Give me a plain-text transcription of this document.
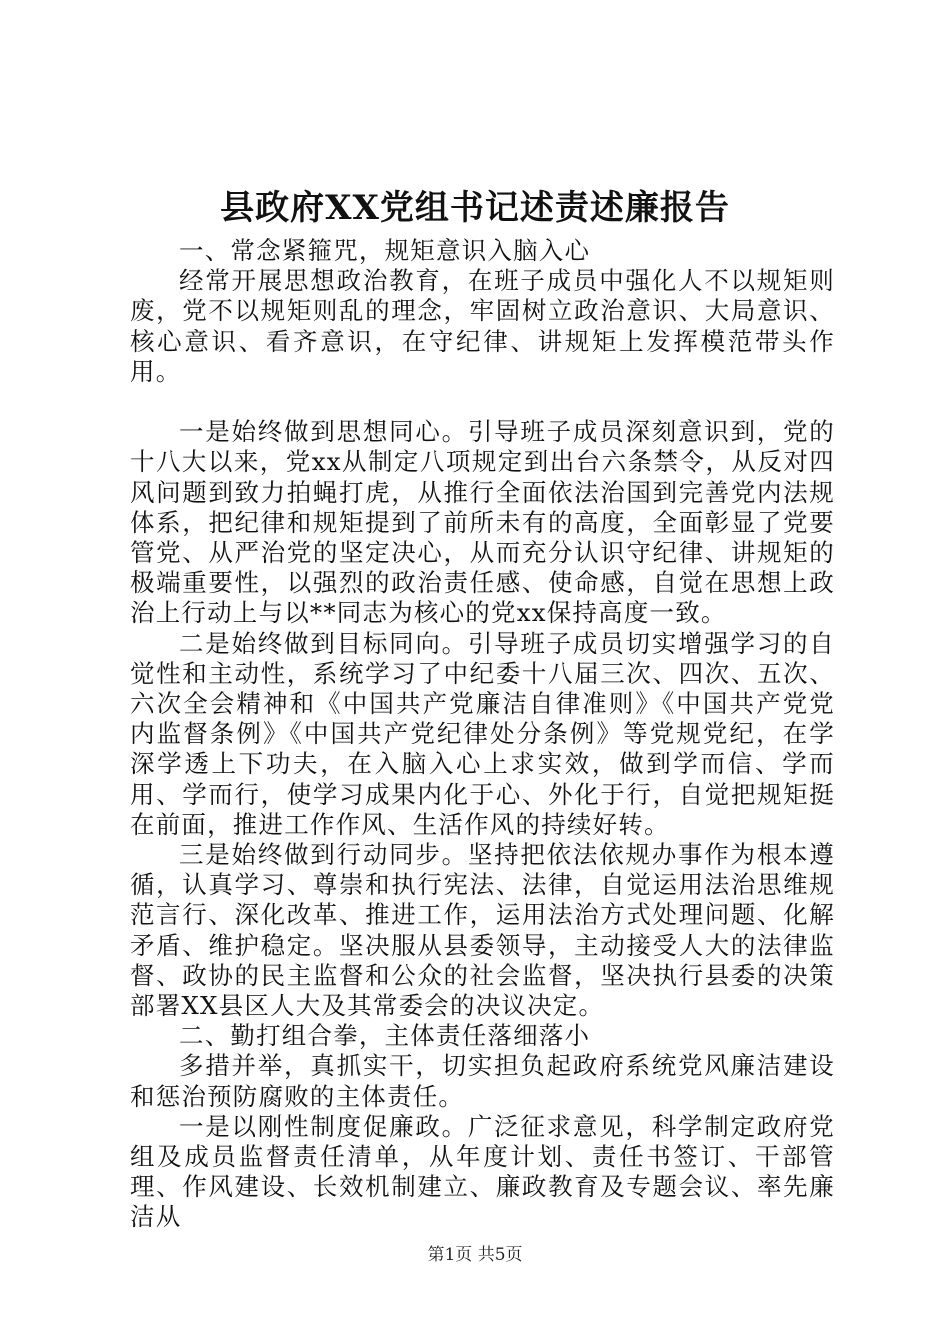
县政府XX党组书记述责述廉报告

一、常念紧箍咒，规矩意识入脑入心

经常开展思想政治教育，在班子成员中强化人不以规矩则废，党不以规矩则乱的理念，牢固树立政治意识、大局意识、核心意识、看齐意识，在守纪律、讲规矩上发挥模范带头作用。

一是始终做到思想同心。引导班子成员深刻意识到，党的十八大以来，党xx从制定八项规定到出台六条禁令，从反对四风问题到致力拍蝇打虎，从推行全面依法治国到完善党内法规体系，把纪律和规矩提到了前所未有的高度，全面彰显了党要管党、从严治党的坚定决心，从而充分认识守纪律、讲规矩的极端重要性，以强烈的政治责任感、使命感，自觉在思想上政治上行动上与以**同志为核心的党xx保持高度一致。

二是始终做到目标同向。引导班子成员切实增强学习的自觉性和主动性，系统学习了中纪委十八届三次、四次、五次、六次全会精神和《中国共产党廉洁自律准则》《中国共产党党内监督条例》《中国共产党纪律处分条例》等党规党纪，在学深学透上下功夫，在入脑入心上求实效，做到学而信、学而用、学而行，使学习成果内化于心、外化于行，自觉把规矩挺在前面，推进工作作风、生活作风的持续好转。

三是始终做到行动同步。坚持把依法依规办事作为根本遵循，认真学习、尊崇和执行宪法、法律，自觉运用法治思维规范言行、深化改革、推进工作，运用法治方式处理问题、化解矛盾、维护稳定。坚决服从县委领导，主动接受人大的法律监督、政协的民主监督和公众的社会监督，坚决执行县委的决策部署XX县区人大及其常委会的决议决定。

二、勤打组合拳，主体责任落细落小

多措并举，真抓实干，切实担负起政府系统党风廉洁建设和惩治预防腐败的主体责任。

一是以刚性制度促廉政。广泛征求意见，科学制定政府党组及成员监督责任清单，从年度计划、责任书签订、干部管理、作风建设、长效机制建立、廉政教育及专题会议、率先廉洁从

第1页 共5页
